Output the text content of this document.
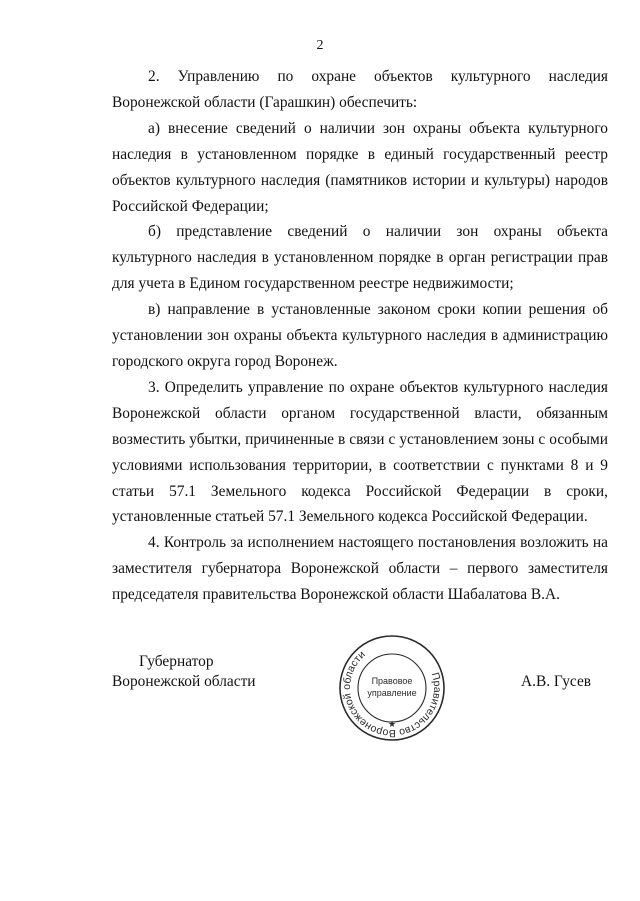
2

2. Управлению по охране объектов культурного наследия Воронежской области (Гарашкин) обеспечить:

а) внесение сведений о наличии зон охраны объекта культурного наследия в установленном порядке в единый государственный реестр объектов культурного наследия (памятников истории и культуры) народов Российской Федерации;

б) представление сведений о наличии зон охраны объекта культурного наследия в установленном порядке в орган регистрации прав для учета в Едином государственном реестре недвижимости;

в) направление в установленные законом сроки копии решения об установлении зон охраны объекта культурного наследия в администрацию городского округа город Воронеж.

3. Определить управление по охране объектов культурного наследия Воронежской области органом государственной власти, обязанным возместить убытки, причиненные в связи с установлением зоны с особыми условиями использования территории, в соответствии с пунктами 8 и 9 статьи 57.1 Земельного кодекса Российской Федерации в сроки, установленные статьей 57.1 Земельного кодекса Российской Федерации.

4. Контроль за исполнением настоящего постановления возложить на заместителя губернатора Воронежской области – первого заместителя председателя правительства Воронежской области Шабалатова В.А.

Губернатор
Воронежской области	Правительство Воронежской области
Правовое
управление
★
А.В. Гусев
